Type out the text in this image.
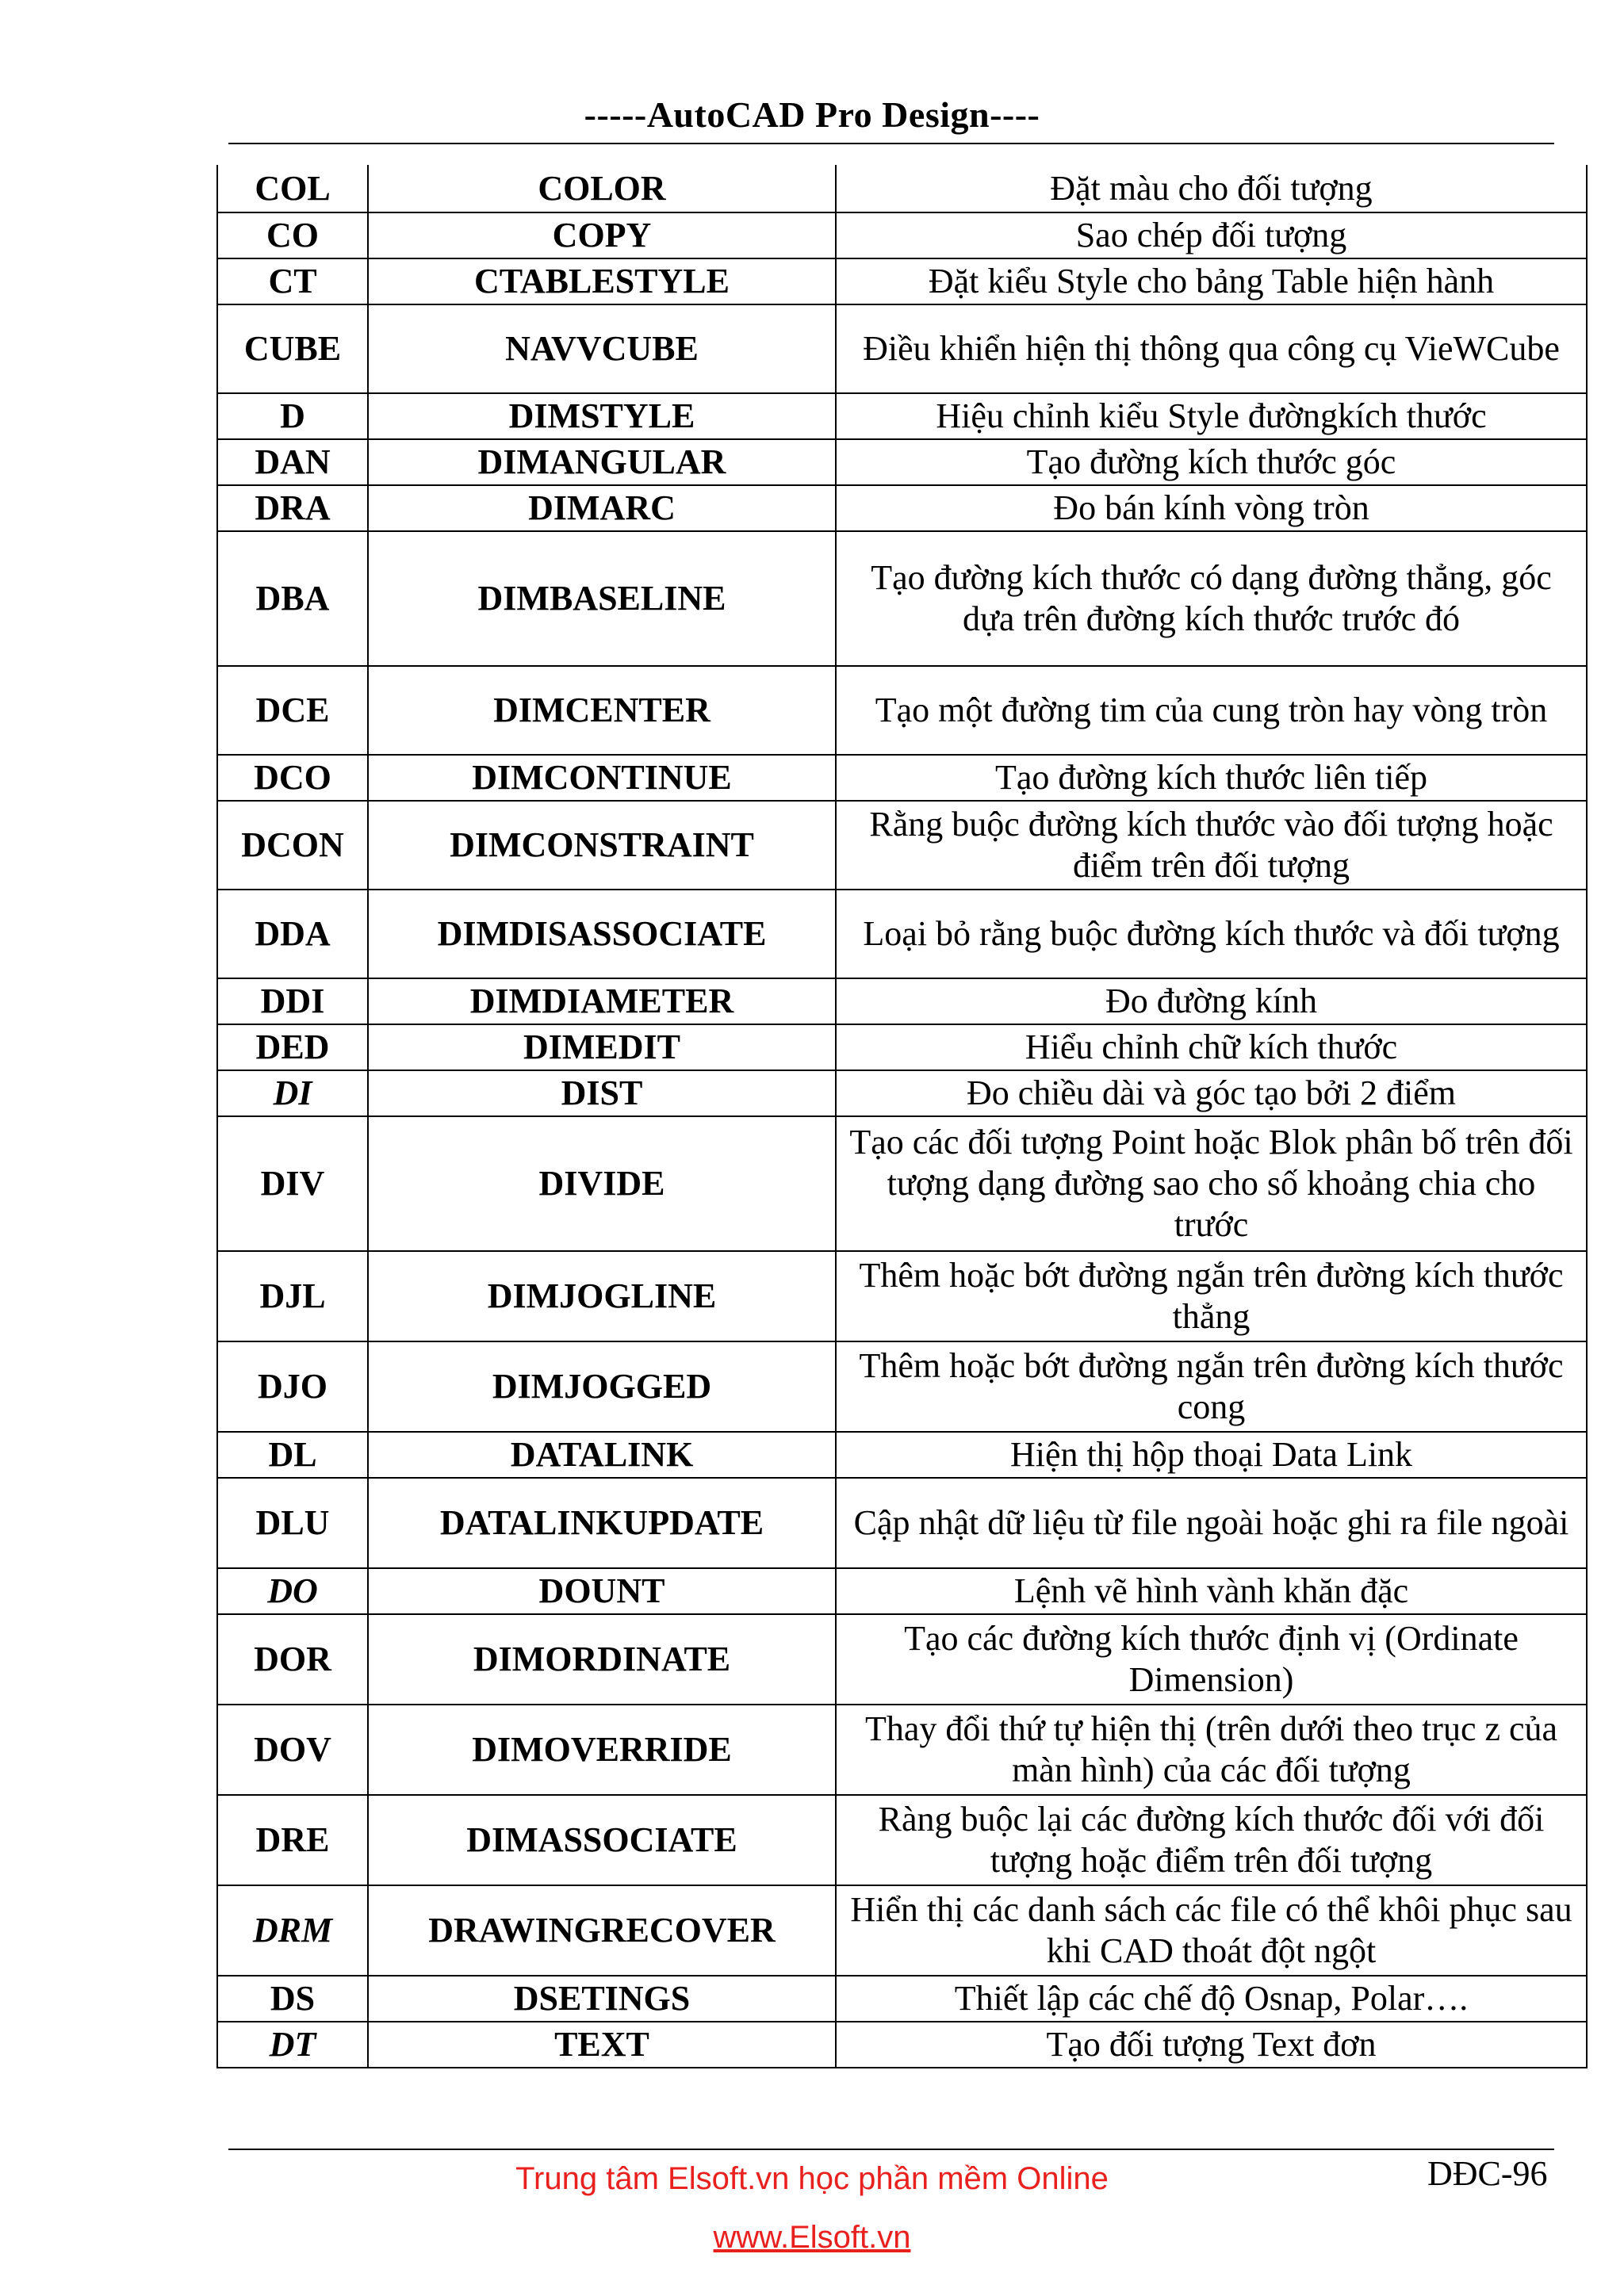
-----AutoCAD Pro Design----
COL	COLOR	Đặt màu cho đối tượng
CO	COPY	Sao chép đối tượng
CT	CTABLESTYLE	Đặt kiểu Style cho bảng Table hiện hành
CUBE	NAVVCUBE	Điều khiển hiện thị thông qua công cụ VieWCube
D	DIMSTYLE	Hiệu chỉnh kiểu Style đườngkích thước
DAN	DIMANGULAR	Tạo đường kích thước góc
DRA	DIMARC	Đo bán kính vòng tròn
DBA	DIMBASELINE	Tạo đường kích thước có dạng đường thẳng, góc dựa trên đường kích thước trước đó
DCE	DIMCENTER	Tạo một đường tim của cung tròn hay vòng tròn
DCO	DIMCONTINUE	Tạo đường kích thước liên tiếp
DCON	DIMCONSTRAINT	Rằng buộc đường kích thước vào đối tượng hoặc điểm trên đối tượng
DDA	DIMDISASSOCIATE	Loại bỏ rằng buộc đường kích thước và đối tượng
DDI	DIMDIAMETER	Đo đường kính
DED	DIMEDIT	Hiểu chỉnh chữ kích thước
DI	DIST	Đo chiều dài và góc tạo bởi 2 điểm
DIV	DIVIDE	Tạo các đối tượng Point hoặc Blok phân bố trên đối tượng dạng đường sao cho số khoảng chia cho trước
DJL	DIMJOGLINE	Thêm hoặc bớt đường ngắn trên đường kích thước thẳng
DJO	DIMJOGGED	Thêm hoặc bớt đường ngắn trên đường kích thước cong
DL	DATALINK	Hiện thị hộp thoại Data Link
DLU	DATALINKUPDATE	Cập nhật dữ liệu từ file ngoài hoặc ghi ra file ngoài
DO	DOUNT	Lệnh vẽ hình vành khăn đặc
DOR	DIMORDINATE	Tạo các đường kích thước định vị (Ordinate Dimension)
DOV	DIMOVERRIDE	Thay đổi thứ tự hiện thị (trên dưới theo trục z của màn hình) của các đối tượng
DRE	DIMASSOCIATE	Ràng buộc lại các đường kích thước đối với đối tượng hoặc điểm trên đối tượng
DRM	DRAWINGRECOVER	Hiển thị các danh sách các file có thể khôi phục sau khi CAD thoát đột ngột
DS	DSETINGS	Thiết lập các chế độ Osnap, Polar….
DT	TEXT	Tạo đối tượng Text đơn
Trung tâm Elsoft.vn học phần mềm Online
www.Elsoft.vn
DĐC-96
